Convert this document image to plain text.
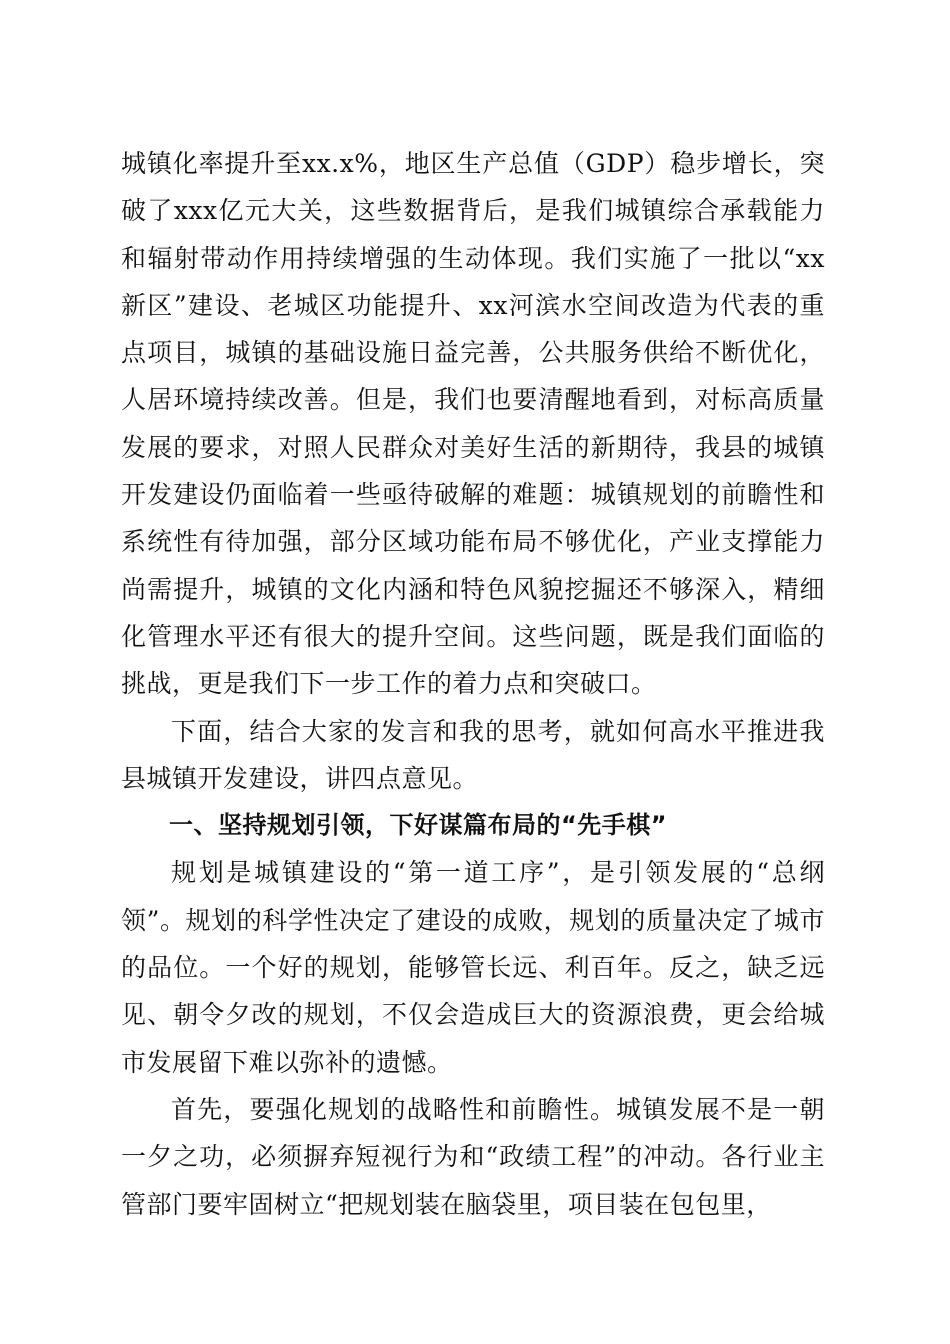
城镇化率提升至xx.x%，地区生产总值（GDP）稳步增长，突破了xxx亿元大关，这些数据背后，是我们城镇综合承载能力和辐射带动作用持续增强的生动体现。我们实施了一批以“xx新区”建设、老城区功能提升、xx河滨水空间改造为代表的重点项目，城镇的基础设施日益完善，公共服务供给不断优化，人居环境持续改善。但是，我们也要清醒地看到，对标高质量发展的要求，对照人民群众对美好生活的新期待，我县的城镇开发建设仍面临着一些亟待破解的难题：城镇规划的前瞻性和系统性有待加强，部分区域功能布局不够优化，产业支撑能力尚需提升，城镇的文化内涵和特色风貌挖掘还不够深入，精细化管理水平还有很大的提升空间。这些问题，既是我们面临的挑战，更是我们下一步工作的着力点和突破口。

下面，结合大家的发言和我的思考，就如何高水平推进我县城镇开发建设，讲四点意见。

一、坚持规划引领，下好谋篇布局的“先手棋”

规划是城镇建设的“第一道工序”，是引领发展的“总纲领”。规划的科学性决定了建设的成败，规划的质量决定了城市的品位。一个好的规划，能够管长远、利百年。反之，缺乏远见、朝令夕改的规划，不仅会造成巨大的资源浪费，更会给城市发展留下难以弥补的遗憾。

首先，要强化规划的战略性和前瞻性。城镇发展不是一朝一夕之功，必须摒弃短视行为和“政绩工程”的冲动。各行业主管部门要牢固树立“把规划装在脑袋里，项目装在包包里，
